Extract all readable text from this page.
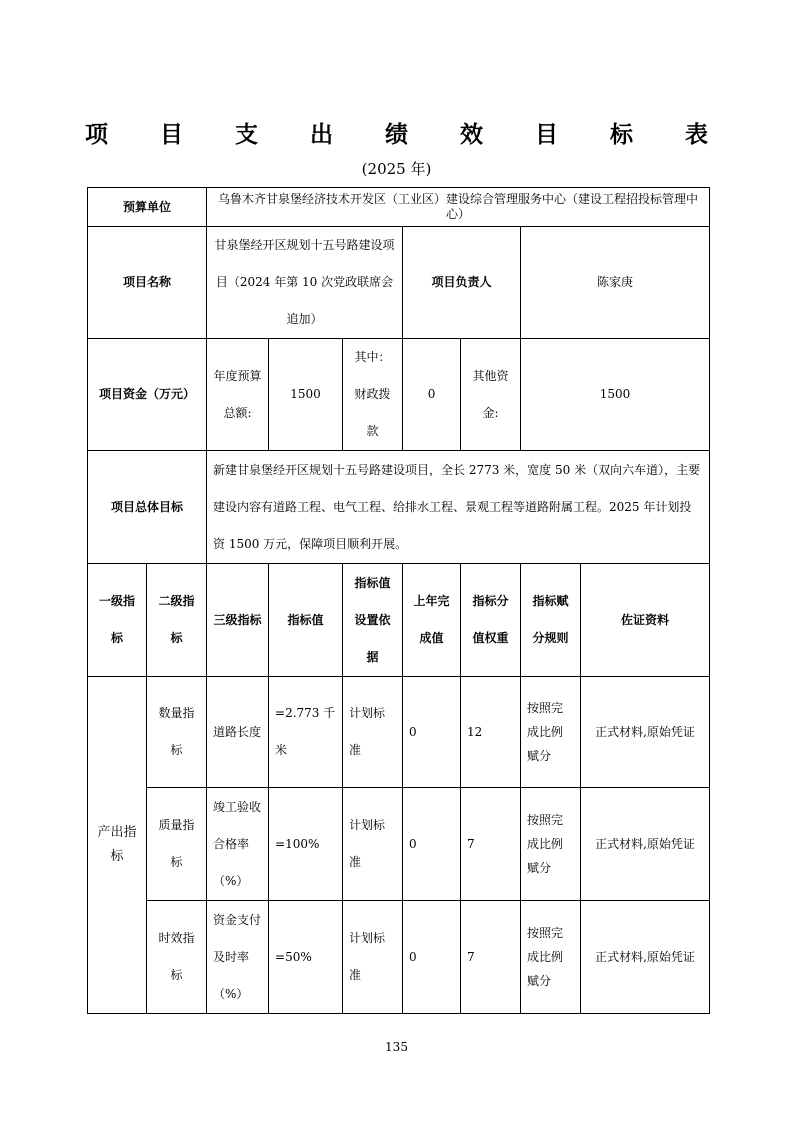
项 目 支 出 绩 效 目 标 表
(2025 年)
预算单位		乌鲁木齐甘泉堡经济技术开发区（工业区）建设综合管理服务中心（建设工程招投标管理中心）						
项目名称		甘泉堡经开区规划十五号路建设项目（2024 年第 10 次党政联席会追加）			项目负责人		陈家庚	
项目资金（万元）		年度预算总额:	1500	其中：财政拨款	0	其他资金:	1500	
项目总体目标		新建甘泉堡经开区规划十五号路建设项目，全长 2773 米，宽度 50 米（双向六车道），主要建设内容有道路工程、电气工程、给排水工程、景观工程等道路附属工程。2025 年计划投资 1500 万元，保障项目顺利开展。						
一级指标	二级指标	三级指标	指标值	指标值设置依据	上年完成值	指标分值权重	指标赋分规则	佐证资料
产出指标	数量指标	道路长度	=2.773 千米	计划标准	0	12	按照完成比例赋分	正式材料,原始凭证
	质量指标	竣工验收合格率（%）	=100%	计划标准	0	7	按照完成比例赋分	正式材料,原始凭证
	时效指标	资金支付及时率（%）	=50%	计划标准	0	7	按照完成比例赋分	正式材料,原始凭证
135
